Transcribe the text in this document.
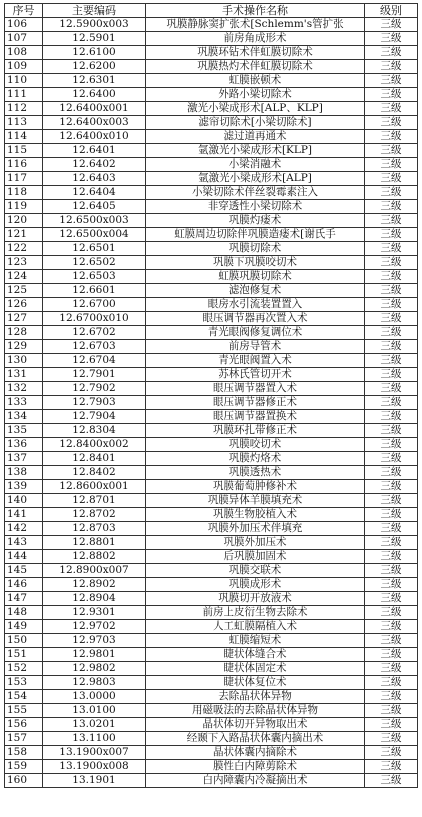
序号	主要编码	手术操作名称	级别
106	12.5900x003	巩膜静脉窦扩张术[Schlemm's管扩张	三级
107	12.5901	前房角成形术	三级
108	12.6100	巩膜环钻术伴虹膜切除术	三级
109	12.6200	巩膜热灼术伴虹膜切除术	三级
110	12.6301	虹膜嵌顿术	三级
111	12.6400	外路小梁切除术	三级
112	12.6400x001	激光小梁成形术[ALP、KLP]	三级
113	12.6400x003	滤帘切除术[小梁切除术]	三级
114	12.6400x010	滤过道再通术	三级
115	12.6401	氩激光小梁成形术[KLP]	三级
116	12.6402	小梁消融术	三级
117	12.6403	氩激光小梁成形术[ALP]	三级
118	12.6404	小梁切除术伴丝裂霉素注入	三级
119	12.6405	非穿透性小梁切除术	三级
120	12.6500x003	巩膜灼瘘术	三级
121	12.6500x004	虹膜周边切除伴巩膜造瘘术[谢氏手	三级
122	12.6501	巩膜切除术	三级
123	12.6502	巩膜下巩膜咬切术	三级
124	12.6503	虹膜巩膜切除术	三级
125	12.6601	滤泡修复术	三级
126	12.6700	眼房水引流装置置入	三级
127	12.6700x010	眼压调节器再次置入术	三级
128	12.6702	青光眼阀修复调位术	三级
129	12.6703	前房导管术	三级
130	12.6704	青光眼阀置入术	三级
131	12.7901	苏林氏管切开术	三级
132	12.7902	眼压调节器置入术	三级
133	12.7903	眼压调节器修正术	三级
134	12.7904	眼压调节器置换术	三级
135	12.8304	巩膜环扎带修正术	三级
136	12.8400x002	巩膜咬切术	三级
137	12.8401	巩膜灼烙术	三级
138	12.8402	巩膜透热术	三级
139	12.8600x001	巩膜葡萄肿修补术	三级
140	12.8701	巩膜异体羊膜填充术	三级
141	12.8702	巩膜生物胶植入术	三级
142	12.8703	巩膜外加压术伴填充	三级
143	12.8801	巩膜外加压术	三级
144	12.8802	后巩膜加固术	三级
145	12.8900x007	巩膜交联术	三级
146	12.8902	巩膜成形术	三级
147	12.8904	巩膜切开放液术	三级
148	12.9301	前房上皮衍生物去除术	三级
149	12.9702	人工虹膜隔植入术	三级
150	12.9703	虹膜缩短术	三级
151	12.9801	睫状体缝合术	三级
152	12.9802	睫状体固定术	三级
153	12.9803	睫状体复位术	三级
154	13.0000	去除晶状体异物	三级
155	13.0100	用磁吸法的去除晶状体异物	三级
156	13.0201	晶状体切开异物取出术	三级
157	13.1100	经颞下入路晶状体囊内摘出术	三级
158	13.1900x007	晶状体囊内摘除术	三级
159	13.1900x008	膜性白内障剪除术	三级
160	13.1901	白内障囊内冷凝摘出术	三级
